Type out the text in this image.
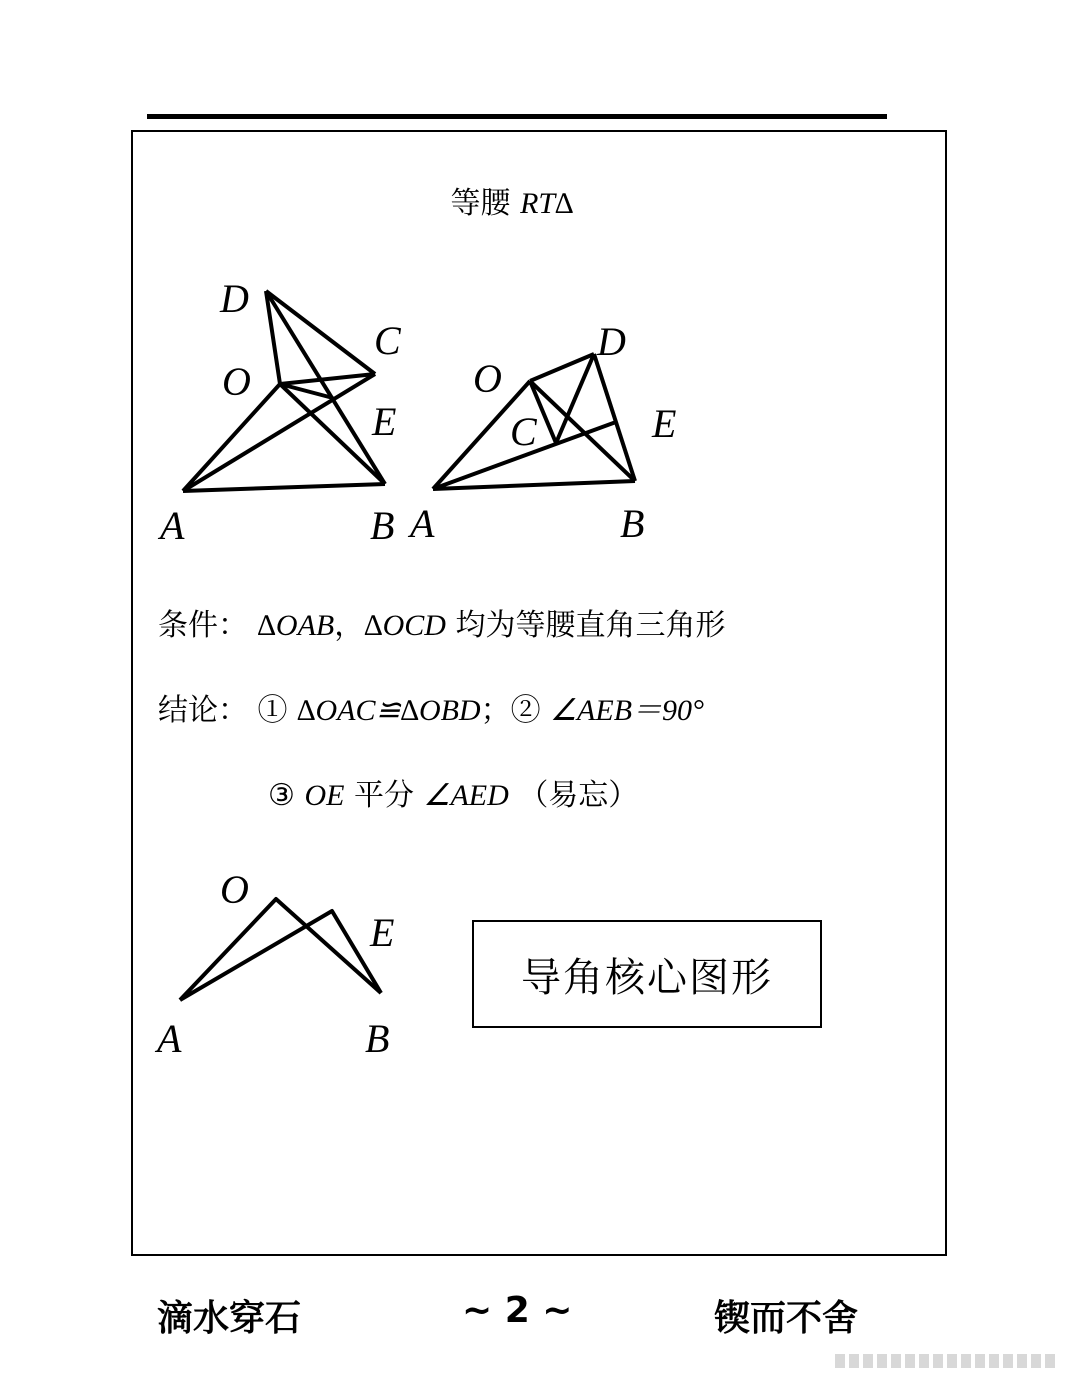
等腰 RT∆
D
C
O
E
A	B
D
O
C	E
A	B
O
E
A	B
条件： ∆OAB，∆OCD 均为等腰直角三角形
结论： ① ∆OAC≌∆OBD；② ∠AEB＝90°
③ OE 平分 ∠AED （易忘）
导角核心图形
滴水穿石	~ 2 ~	锲而不舍
